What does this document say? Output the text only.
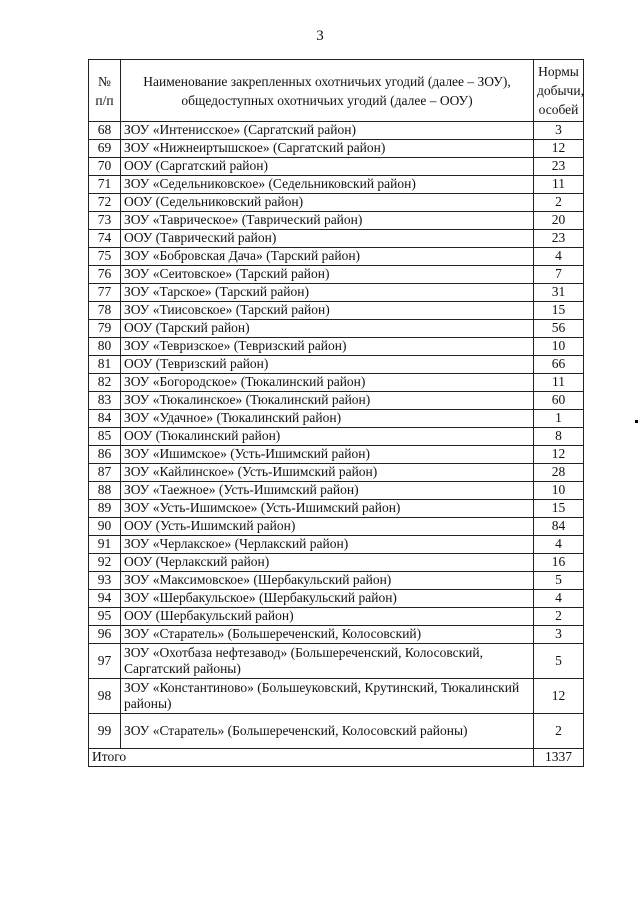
3
№ п/п	Наименование закрепленных охотничьих угодий (далее – ЗОУ), общедоступных охотничьих угодий (далее – ООУ)	Нормы добычи, особей
68	ЗОУ «Интенисское» (Саргатский район)	3
69	ЗОУ «Нижнеиртышское» (Саргатский район)	12
70	ООУ (Саргатский район)	23
71	ЗОУ «Седельниковское» (Седельниковский район)	11
72	ООУ (Седельниковский район)	2
73	ЗОУ «Таврическое» (Таврический район)	20
74	ООУ (Таврический район)	23
75	ЗОУ «Бобровская Дача» (Тарский район)	4
76	ЗОУ «Сеитовское» (Тарский район)	7
77	ЗОУ «Тарское» (Тарский район)	31
78	ЗОУ «Тиисовское» (Тарский район)	15
79	ООУ (Тарский район)	56
80	ЗОУ «Тевризское» (Тевризский район)	10
81	ООУ (Тевризский район)	66
82	ЗОУ «Богородское» (Тюкалинский район)	11
83	ЗОУ «Тюкалинское» (Тюкалинский район)	60
84	ЗОУ «Удачное» (Тюкалинский район)	1
85	ООУ (Тюкалинский район)	8
86	ЗОУ «Ишимское» (Усть-Ишимский район)	12
87	ЗОУ «Кайлинское» (Усть-Ишимский район)	28
88	ЗОУ «Таежное» (Усть-Ишимский район)	10
89	ЗОУ «Усть-Ишимское» (Усть-Ишимский район)	15
90	ООУ (Усть-Ишимский район)	84
91	ЗОУ «Черлакское» (Черлакский район)	4
92	ООУ (Черлакский район)	16
93	ЗОУ «Максимовское» (Шербакульский район)	5
94	ЗОУ «Шербакульское» (Шербакульский район)	4
95	ООУ (Шербакульский район)	2
96	ЗОУ «Старатель» (Большереченский, Колосовский)	3
97	ЗОУ «Охотбаза нефтезавод» (Большереченский, Колосовский, Саргатский районы)	5
98	ЗОУ «Константиново» (Большеуковский, Крутинский, Тюкалинский районы)	12
99	ЗОУ «Старатель» (Большереченский, Колосовский районы)	2
Итого		1337
